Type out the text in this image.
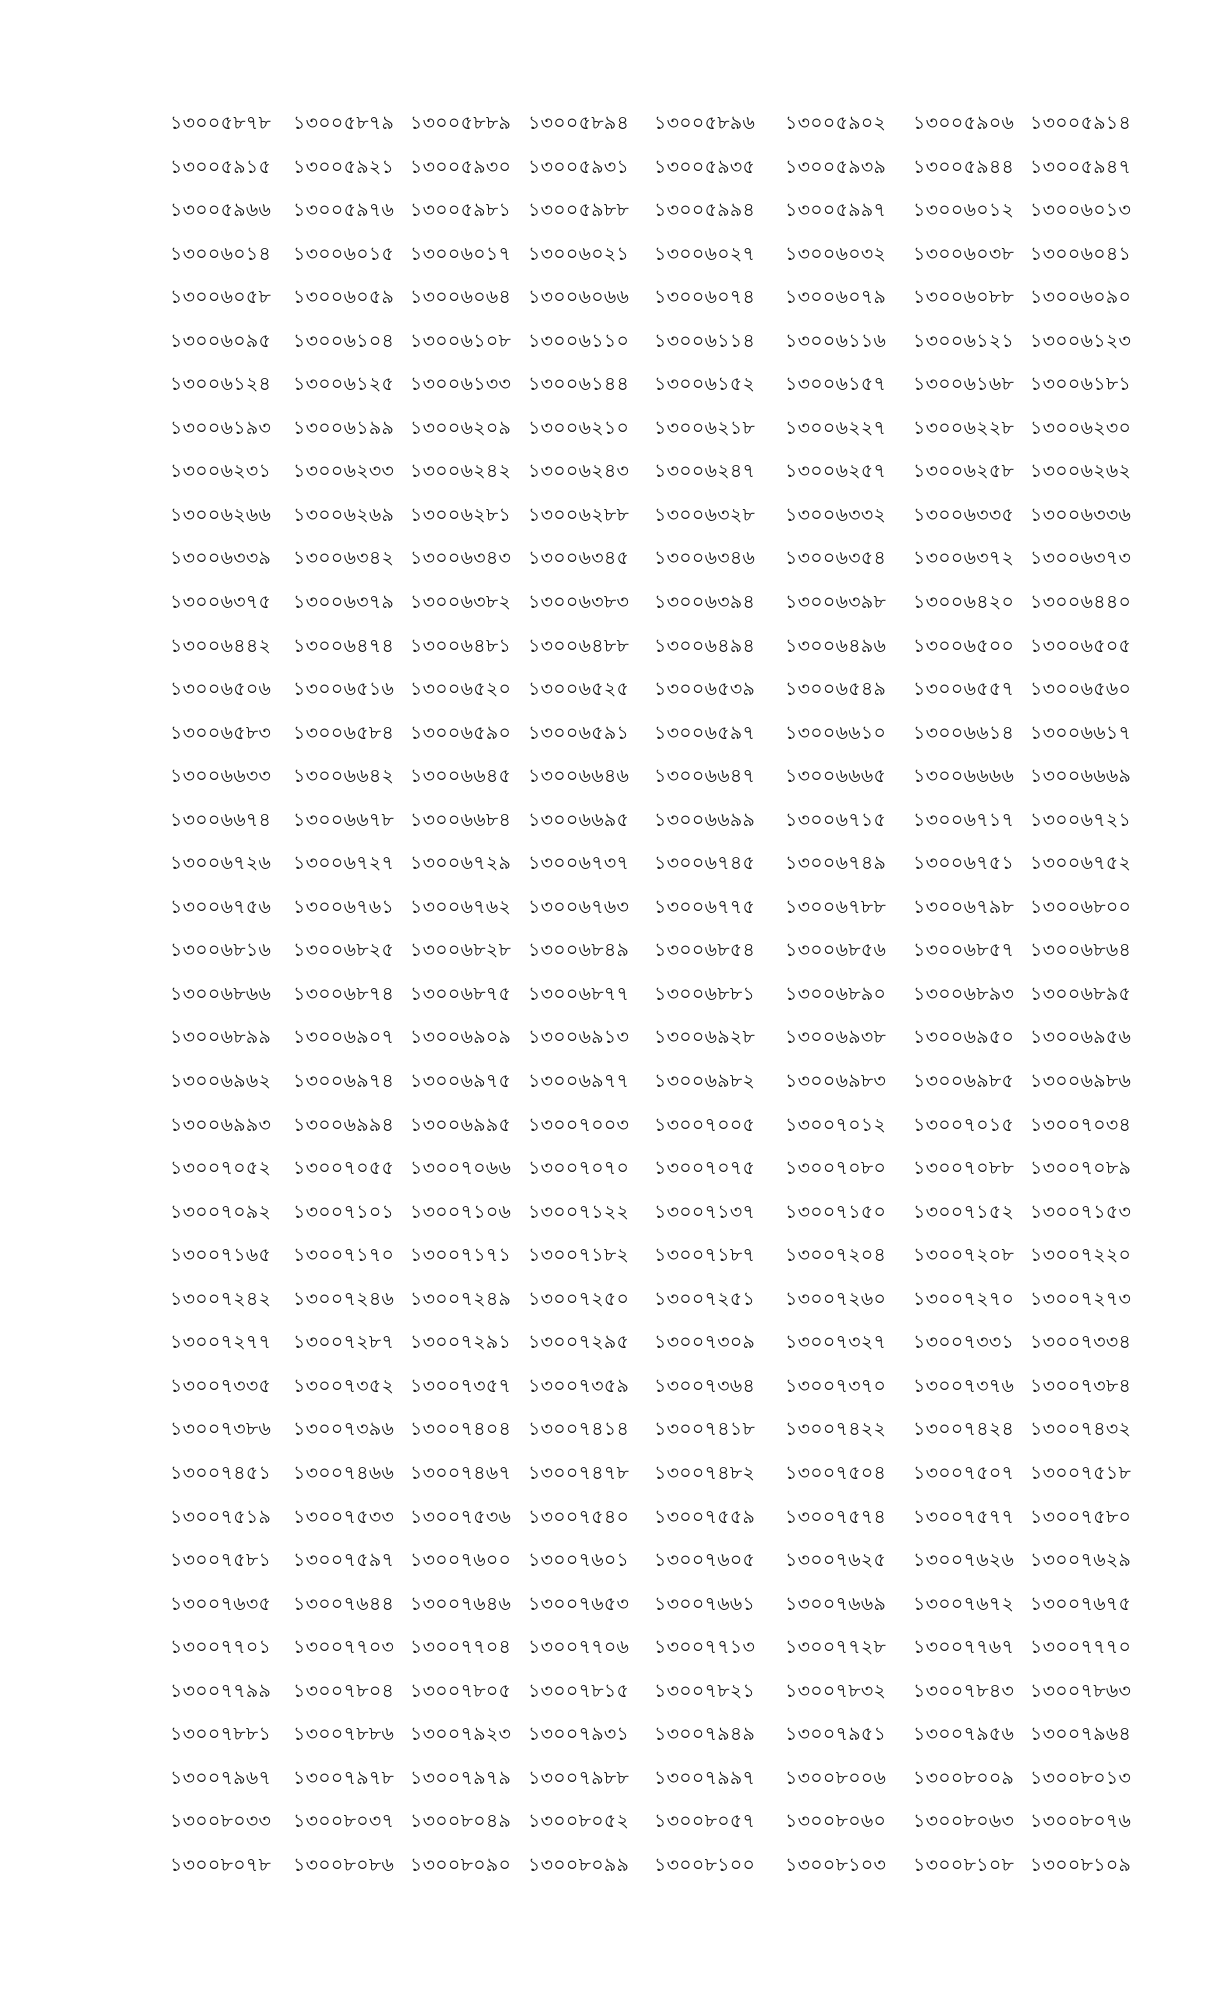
১৩০০৫৮৭৮ ১৩০০৫৮৭৯ ১৩০০৫৮৮৯ ১৩০০৫৮৯৪ ১৩০০৫৮৯৬ ১৩০০৫৯০২ ১৩০০৫৯০৬ ১৩০০৫৯১৪
১৩০০৫৯১৫ ১৩০০৫৯২১ ১৩০০৫৯৩০ ১৩০০৫৯৩১ ১৩০০৫৯৩৫ ১৩০০৫৯৩৯ ১৩০০৫৯৪৪ ১৩০০৫৯৪৭
১৩০০৫৯৬৬ ১৩০০৫৯৭৬ ১৩০০৫৯৮১ ১৩০০৫৯৮৮ ১৩০০৫৯৯৪ ১৩০০৫৯৯৭ ১৩০০৬০১২ ১৩০০৬০১৩
১৩০০৬০১৪ ১৩০০৬০১৫ ১৩০০৬০১৭ ১৩০০৬০২১ ১৩০০৬০২৭ ১৩০০৬০৩২ ১৩০০৬০৩৮ ১৩০০৬০৪১
১৩০০৬০৫৮ ১৩০০৬০৫৯ ১৩০০৬০৬৪ ১৩০০৬০৬৬ ১৩০০৬০৭৪ ১৩০০৬০৭৯ ১৩০০৬০৮৮ ১৩০০৬০৯০
১৩০০৬০৯৫ ১৩০০৬১০৪ ১৩০০৬১০৮ ১৩০০৬১১০ ১৩০০৬১১৪ ১৩০০৬১১৬ ১৩০০৬১২১ ১৩০০৬১২৩
১৩০০৬১২৪ ১৩০০৬১২৫ ১৩০০৬১৩৩ ১৩০০৬১৪৪ ১৩০০৬১৫২ ১৩০০৬১৫৭ ১৩০০৬১৬৮ ১৩০০৬১৮১
১৩০০৬১৯৩ ১৩০০৬১৯৯ ১৩০০৬২০৯ ১৩০০৬২১০ ১৩০০৬২১৮ ১৩০০৬২২৭ ১৩০০৬২২৮ ১৩০০৬২৩০
১৩০০৬২৩১ ১৩০০৬২৩৩ ১৩০০৬২৪২ ১৩০০৬২৪৩ ১৩০০৬২৪৭ ১৩০০৬২৫৭ ১৩০০৬২৫৮ ১৩০০৬২৬২
১৩০০৬২৬৬ ১৩০০৬২৬৯ ১৩০০৬২৮১ ১৩০০৬২৮৮ ১৩০০৬৩২৮ ১৩০০৬৩৩২ ১৩০০৬৩৩৫ ১৩০০৬৩৩৬
১৩০০৬৩৩৯ ১৩০০৬৩৪২ ১৩০০৬৩৪৩ ১৩০০৬৩৪৫ ১৩০০৬৩৪৬ ১৩০০৬৩৫৪ ১৩০০৬৩৭২ ১৩০০৬৩৭৩
১৩০০৬৩৭৫ ১৩০০৬৩৭৯ ১৩০০৬৩৮২ ১৩০০৬৩৮৩ ১৩০০৬৩৯৪ ১৩০০৬৩৯৮ ১৩০০৬৪২০ ১৩০০৬৪৪০
১৩০০৬৪৪২ ১৩০০৬৪৭৪ ১৩০০৬৪৮১ ১৩০০৬৪৮৮ ১৩০০৬৪৯৪ ১৩০০৬৪৯৬ ১৩০০৬৫০০ ১৩০০৬৫০৫
১৩০০৬৫০৬ ১৩০০৬৫১৬ ১৩০০৬৫২০ ১৩০০৬৫২৫ ১৩০০৬৫৩৯ ১৩০০৬৫৪৯ ১৩০০৬৫৫৭ ১৩০০৬৫৬০
১৩০০৬৫৮৩ ১৩০০৬৫৮৪ ১৩০০৬৫৯০ ১৩০০৬৫৯১ ১৩০০৬৫৯৭ ১৩০০৬৬১০ ১৩০০৬৬১৪ ১৩০০৬৬১৭
১৩০০৬৬৩৩ ১৩০০৬৬৪২ ১৩০০৬৬৪৫ ১৩০০৬৬৪৬ ১৩০০৬৬৪৭ ১৩০০৬৬৬৫ ১৩০০৬৬৬৬ ১৩০০৬৬৬৯
১৩০০৬৬৭৪ ১৩০০৬৬৭৮ ১৩০০৬৬৮৪ ১৩০০৬৬৯৫ ১৩০০৬৬৯৯ ১৩০০৬৭১৫ ১৩০০৬৭১৭ ১৩০০৬৭২১
১৩০০৬৭২৬ ১৩০০৬৭২৭ ১৩০০৬৭২৯ ১৩০০৬৭৩৭ ১৩০০৬৭৪৫ ১৩০০৬৭৪৯ ১৩০০৬৭৫১ ১৩০০৬৭৫২
১৩০০৬৭৫৬ ১৩০০৬৭৬১ ১৩০০৬৭৬২ ১৩০০৬৭৬৩ ১৩০০৬৭৭৫ ১৩০০৬৭৮৮ ১৩০০৬৭৯৮ ১৩০০৬৮০০
১৩০০৬৮১৬ ১৩০০৬৮২৫ ১৩০০৬৮২৮ ১৩০০৬৮৪৯ ১৩০০৬৮৫৪ ১৩০০৬৮৫৬ ১৩০০৬৮৫৭ ১৩০০৬৮৬৪
১৩০০৬৮৬৬ ১৩০০৬৮৭৪ ১৩০০৬৮৭৫ ১৩০০৬৮৭৭ ১৩০০৬৮৮১ ১৩০০৬৮৯০ ১৩০০৬৮৯৩ ১৩০০৬৮৯৫
১৩০০৬৮৯৯ ১৩০০৬৯০৭ ১৩০০৬৯০৯ ১৩০০৬৯১৩ ১৩০০৬৯২৮ ১৩০০৬৯৩৮ ১৩০০৬৯৫০ ১৩০০৬৯৫৬
১৩০০৬৯৬২ ১৩০০৬৯৭৪ ১৩০০৬৯৭৫ ১৩০০৬৯৭৭ ১৩০০৬৯৮২ ১৩০০৬৯৮৩ ১৩০০৬৯৮৫ ১৩০০৬৯৮৬
১৩০০৬৯৯৩ ১৩০০৬৯৯৪ ১৩০০৬৯৯৫ ১৩০০৭০০৩ ১৩০০৭০০৫ ১৩০০৭০১২ ১৩০০৭০১৫ ১৩০০৭০৩৪
১৩০০৭০৫২ ১৩০০৭০৫৫ ১৩০০৭০৬৬ ১৩০০৭০৭০ ১৩০০৭০৭৫ ১৩০০৭০৮০ ১৩০০৭০৮৮ ১৩০০৭০৮৯
১৩০০৭০৯২ ১৩০০৭১০১ ১৩০০৭১০৬ ১৩০০৭১২২ ১৩০০৭১৩৭ ১৩০০৭১৫০ ১৩০০৭১৫২ ১৩০০৭১৫৩
১৩০০৭১৬৫ ১৩০০৭১৭০ ১৩০০৭১৭১ ১৩০০৭১৮২ ১৩০০৭১৮৭ ১৩০০৭২০৪ ১৩০০৭২০৮ ১৩০০৭২২০
১৩০০৭২৪২ ১৩০০৭২৪৬ ১৩০০৭২৪৯ ১৩০০৭২৫০ ১৩০০৭২৫১ ১৩০০৭২৬০ ১৩০০৭২৭০ ১৩০০৭২৭৩
১৩০০৭২৭৭ ১৩০০৭২৮৭ ১৩০০৭২৯১ ১৩০০৭২৯৫ ১৩০০৭৩০৯ ১৩০০৭৩২৭ ১৩০০৭৩৩১ ১৩০০৭৩৩৪
১৩০০৭৩৩৫ ১৩০০৭৩৫২ ১৩০০৭৩৫৭ ১৩০০৭৩৫৯ ১৩০০৭৩৬৪ ১৩০০৭৩৭০ ১৩০০৭৩৭৬ ১৩০০৭৩৮৪
১৩০০৭৩৮৬ ১৩০০৭৩৯৬ ১৩০০৭৪০৪ ১৩০০৭৪১৪ ১৩০০৭৪১৮ ১৩০০৭৪২২ ১৩০০৭৪২৪ ১৩০০৭৪৩২
১৩০০৭৪৫১ ১৩০০৭৪৬৬ ১৩০০৭৪৬৭ ১৩০০৭৪৭৮ ১৩০০৭৪৮২ ১৩০০৭৫০৪ ১৩০০৭৫০৭ ১৩০০৭৫১৮
১৩০০৭৫১৯ ১৩০০৭৫৩৩ ১৩০০৭৫৩৬ ১৩০০৭৫৪০ ১৩০০৭৫৫৯ ১৩০০৭৫৭৪ ১৩০০৭৫৭৭ ১৩০০৭৫৮০
১৩০০৭৫৮১ ১৩০০৭৫৯৭ ১৩০০৭৬০০ ১৩০০৭৬০১ ১৩০০৭৬০৫ ১৩০০৭৬২৫ ১৩০০৭৬২৬ ১৩০০৭৬২৯
১৩০০৭৬৩৫ ১৩০০৭৬৪৪ ১৩০০৭৬৪৬ ১৩০০৭৬৫৩ ১৩০০৭৬৬১ ১৩০০৭৬৬৯ ১৩০০৭৬৭২ ১৩০০৭৬৭৫
১৩০০৭৭০১ ১৩০০৭৭০৩ ১৩০০৭৭০৪ ১৩০০৭৭০৬ ১৩০০৭৭১৩ ১৩০০৭৭২৮ ১৩০০৭৭৬৭ ১৩০০৭৭৭০
১৩০০৭৭৯৯ ১৩০০৭৮০৪ ১৩০০৭৮০৫ ১৩০০৭৮১৫ ১৩০০৭৮২১ ১৩০০৭৮৩২ ১৩০০৭৮৪৩ ১৩০০৭৮৬৩
১৩০০৭৮৮১ ১৩০০৭৮৮৬ ১৩০০৭৯২৩ ১৩০০৭৯৩১ ১৩০০৭৯৪৯ ১৩০০৭৯৫১ ১৩০০৭৯৫৬ ১৩০০৭৯৬৪
১৩০০৭৯৬৭ ১৩০০৭৯৭৮ ১৩০০৭৯৭৯ ১৩০০৭৯৮৮ ১৩০০৭৯৯৭ ১৩০০৮০০৬ ১৩০০৮০০৯ ১৩০০৮০১৩
১৩০০৮০৩৩ ১৩০০৮০৩৭ ১৩০০৮০৪৯ ১৩০০৮০৫২ ১৩০০৮০৫৭ ১৩০০৮০৬০ ১৩০০৮০৬৩ ১৩০০৮০৭৬
১৩০০৮০৭৮ ১৩০০৮০৮৬ ১৩০০৮০৯০ ১৩০০৮০৯৯ ১৩০০৮১০০ ১৩০০৮১০৩ ১৩০০৮১০৮ ১৩০০৮১০৯
